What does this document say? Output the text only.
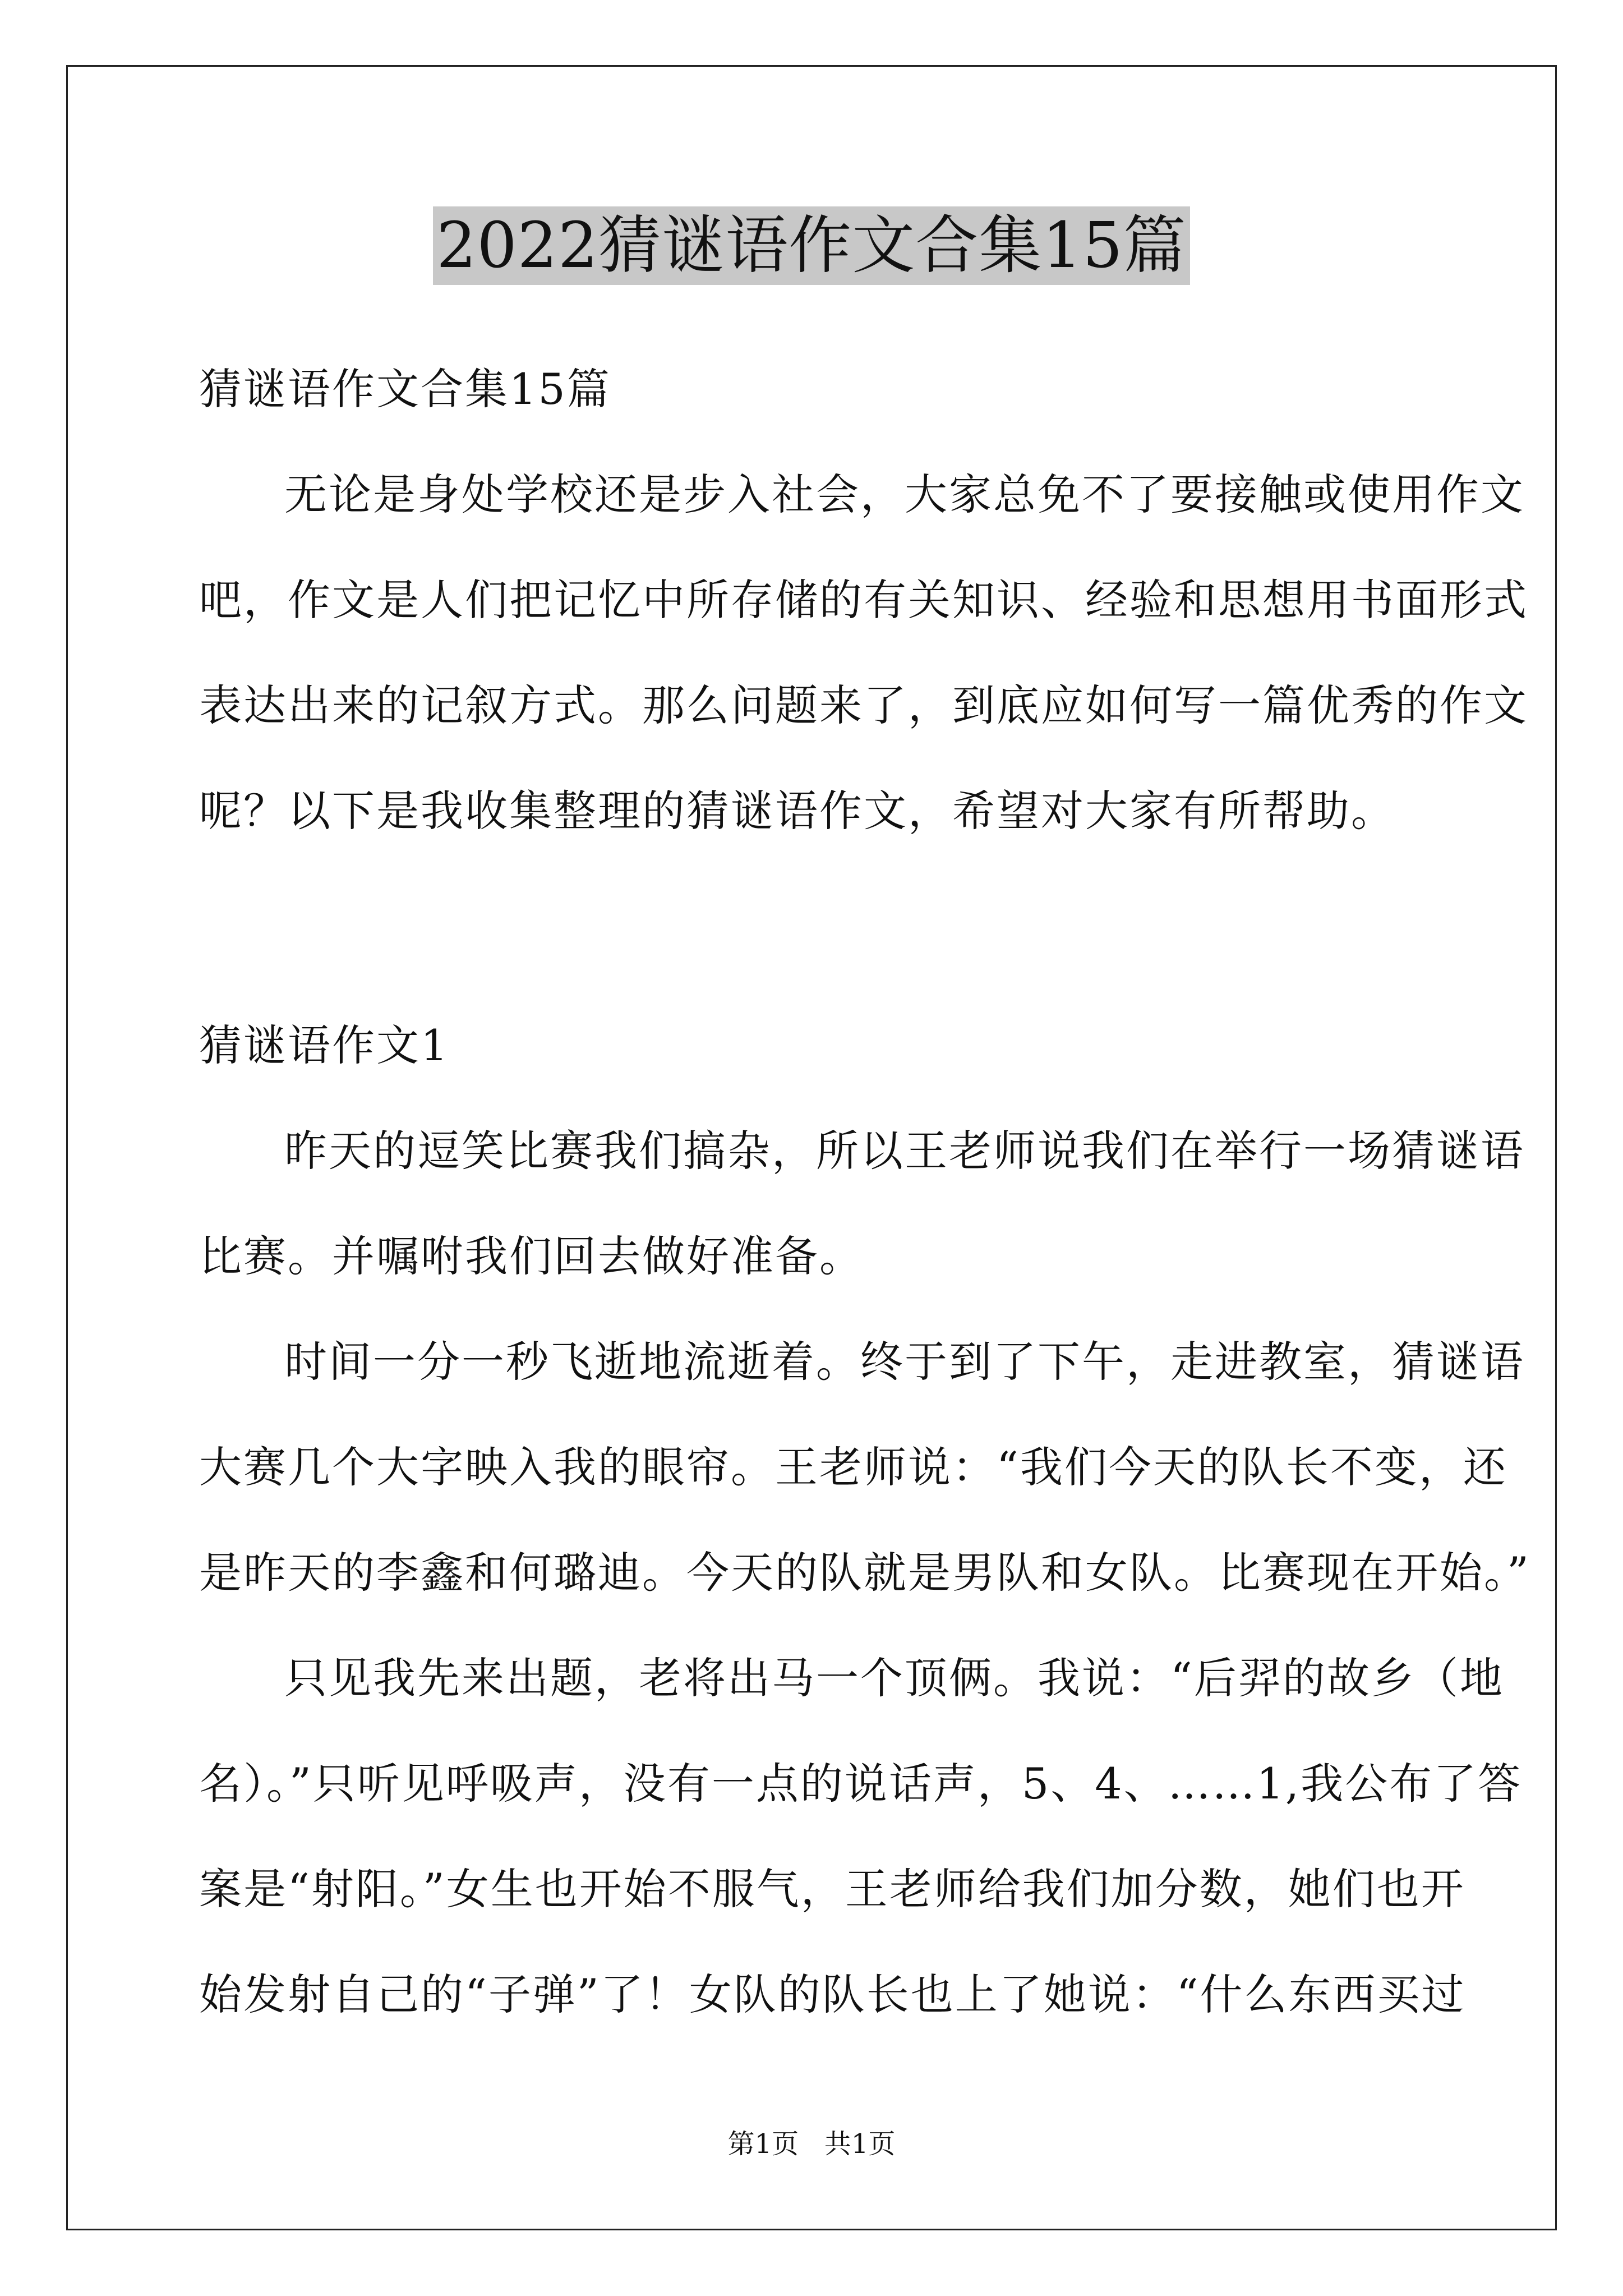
2022猜谜语作文合集15篇
猜谜语作文合集15篇
无论是身处学校还是步入社会，大家总免不了要接触或使用作文
吧，作文是人们把记忆中所存储的有关知识、经验和思想用书面形式
表达出来的记叙方式。那么问题来了，到底应如何写一篇优秀的作文
呢？以下是我收集整理的猜谜语作文，希望对大家有所帮助。
猜谜语作文1
昨天的逗笑比赛我们搞杂，所以王老师说我们在举行一场猜谜语
比赛。并嘱咐我们回去做好准备。
时间一分一秒飞逝地流逝着。终于到了下午，走进教室，猜谜语
大赛几个大字映入我的眼帘。王老师说：“我们今天的队长不变，还
是昨天的李鑫和何璐迪。今天的队就是男队和女队。比赛现在开始。”
只见我先来出题，老将出马一个顶俩。我说：“后羿的故乡（地
名）。”只听见呼吸声，没有一点的说话声，5、4、……1,我公布了答
案是“射阳。”女生也开始不服气，王老师给我们加分数，她们也开
始发射自己的“子弹”了！女队的队长也上了她说：“什么东西买过
第1页   共1页
